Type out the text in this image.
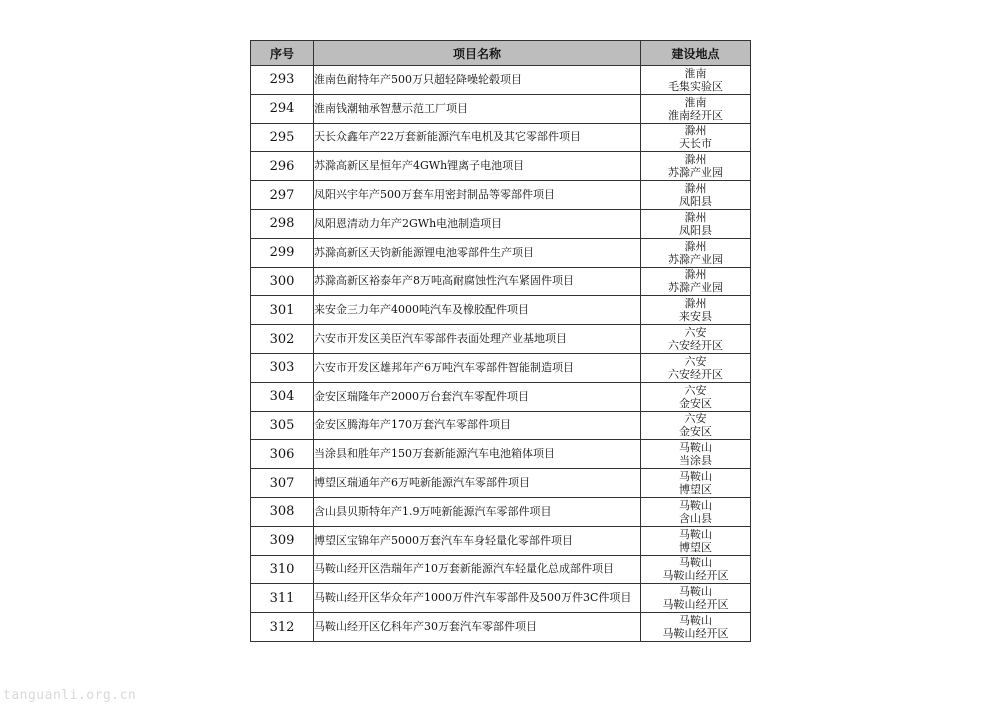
序号	项目名称	建设地点
293	淮南色耐特年产500万只超轻降噪轮毂项目	淮南
毛集实验区

294	淮南钱潮轴承智慧示范工厂项目	淮南
淮南经开区

295	天长众鑫年产22万套新能源汽车电机及其它零部件项目	滁州
天长市

296	苏滁高新区星恒年产4GWh锂离子电池项目	滁州
苏滁产业园

297	凤阳兴宇年产500万套车用密封制品等零部件项目	滁州
凤阳县

298	凤阳恩清动力年产2GWh电池制造项目	滁州
凤阳县

299	苏滁高新区天钧新能源锂电池零部件生产项目	滁州
苏滁产业园

300	苏滁高新区裕泰年产8万吨高耐腐蚀性汽车紧固件项目	滁州
苏滁产业园

301	来安金三力年产4000吨汽车及橡胶配件项目	滁州
来安县

302	六安市开发区美臣汽车零部件表面处理产业基地项目	六安
六安经开区

303	六安市开发区雄邦年产6万吨汽车零部件智能制造项目	六安
六安经开区

304	金安区瑞隆年产2000万台套汽车零配件项目	六安
金安区

305	金安区腾海年产170万套汽车零部件项目	六安
金安区

306	当涂县和胜年产150万套新能源汽车电池箱体项目	马鞍山
当涂县

307	博望区瑞通年产6万吨新能源汽车零部件项目	马鞍山
博望区

308	含山县贝斯特年产1.9万吨新能源汽车零部件项目	马鞍山
含山县

309	博望区宝锦年产5000万套汽车车身轻量化零部件项目	马鞍山
博望区

310	马鞍山经开区浩瑞年产10万套新能源汽车轻量化总成部件项目	马鞍山
马鞍山经开区

311	马鞍山经开区华众年产1000万件汽车零部件及500万件3C件项目	马鞍山
马鞍山经开区

312	马鞍山经开区亿科年产30万套汽车零部件项目	马鞍山
马鞍山经开区
tanguanli.org.cn
